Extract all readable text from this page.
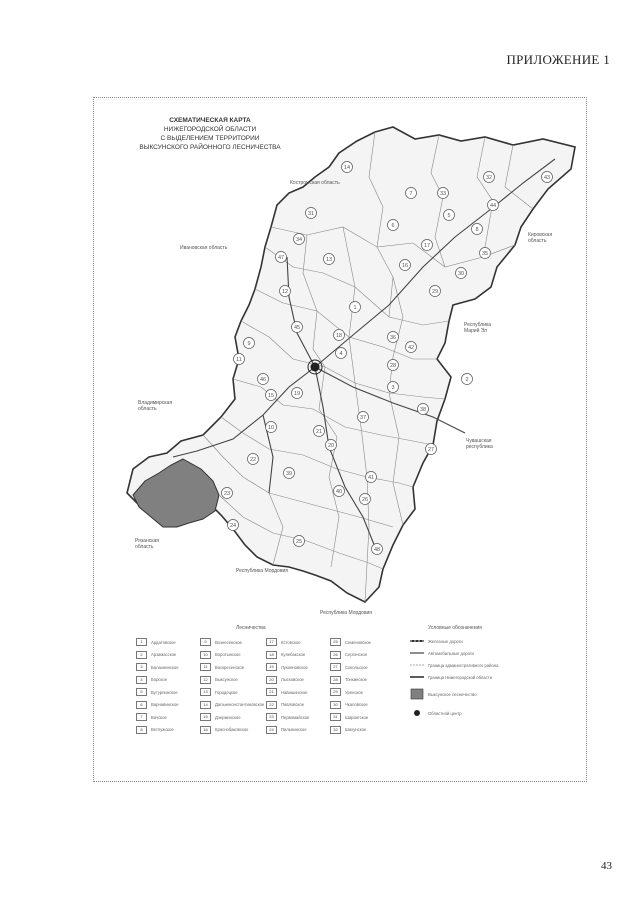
ПРИЛОЖЕНИЕ 1
СХЕМАТИЧЕСКАЯ КАРТА
НИЖЕГОРОДСКОЙ ОБЛАСТИ
С ВЫДЕЛЕНИЕМ ТЕРРИТОРИИ
ВЫКСУНСКОГО РАЙОННОГО ЛЕСНИЧЕСТВА
1
2
3
4
5
6
7
8
9
10
11
12
13
14
15
16
17
18
19
20
21
22
23
24
25
26
27
28
29
30
31
32
33
34
35
36
37
38
39
40
41
42
43
44
45
46
47
48
Костромская область
Ивановская область
Кировская область
Республика Марий Эл
Владимирская область
Чувашская республика
Рязанская область
Республика Мордовия
Республика Мордовия
Лесничества	Условные обозначения
1	Ардатовское
2	Арзамасское
3	Балахнинское
4	Борское
5	Бутурлинское
6	Варнавинское
7	Вачское
8	Ветлужское
9	Вознесенское
10	Воротынское
11	Воскресенское
12	Выксунское
13	Городецкое
14	Дальнеконстантиновское
15	Дзержинское
16	Краснобаковское
17	Кстовское
18	Кулебакское
19	Лукояновское
20	Лысковское
21	Навашинское
22	Павловское
23	Первомайское
24	Пильнинское
25	Семеновское
26	Сергачское
27	Сокольское
28	Тонкинское
29	Уренское
30	Чкаловское
31	Шарангское
32	Шахунское
Железные дороги
Автомобильные дороги
Граница административного района
Граница Нижегородской области
Выксунское лесничество
Областной центр
43
